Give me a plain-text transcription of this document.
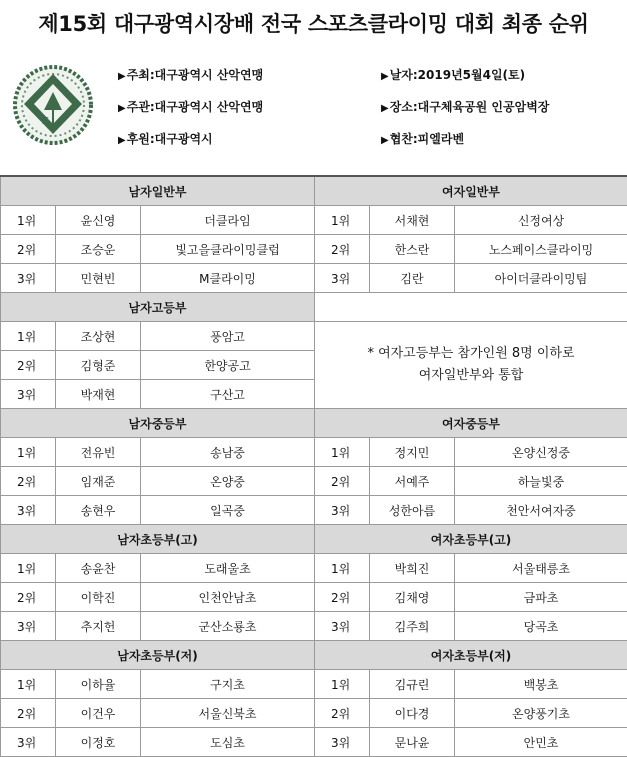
제15회 대구광역시장배 전국 스포츠클라이밍 대회 최종 순위
K F
▶주최:대구광역시 산악연맹
▶주관:대구광역시 산악연맹
▶후원:대구광역시
▶날자:2019년5월4일(토)
▶장소:대구체육공원 인공암벽장
▶협찬:피엘라벤
남자일반부			여자일반부		
1위	윤신영	더클라임	1위	서채현	신정여상
2위	조승운	빛고을클라이밍클럽	2위	한스란	노스페이스클라이밍
3위	민현빈	M클라이밍	3위	김란	아이더클라이밍팀
남자고등부					
1위	조상현	풍암고	* 여자고등부는 참가인원 8명 이하로
여자일반부와 통합		

2위	김형준	한양공고			
3위	박재현	구산고			
남자중등부			여자중등부		
1위	전유빈	송남중	1위	정지민	온양신정중
2위	임재준	온양중	2위	서예주	하늘빛중
3위	송현우	일곡중	3위	성한아름	천안서여자중
남자초등부(고)			여자초등부(고)		
1위	송윤찬	도래울초	1위	박희진	서울태릉초
2위	이학진	인천안남초	2위	김채영	금파초
3위	추지헌	군산소룡초	3위	김주희	당곡초
남자초등부(저)			여자초등부(저)		
1위	이하율	구지초	1위	김규린	백봉초
2위	이건우	서울신북초	2위	이다경	온양풍기초
3위	이정호	도심초	3위	문나윤	안민초
